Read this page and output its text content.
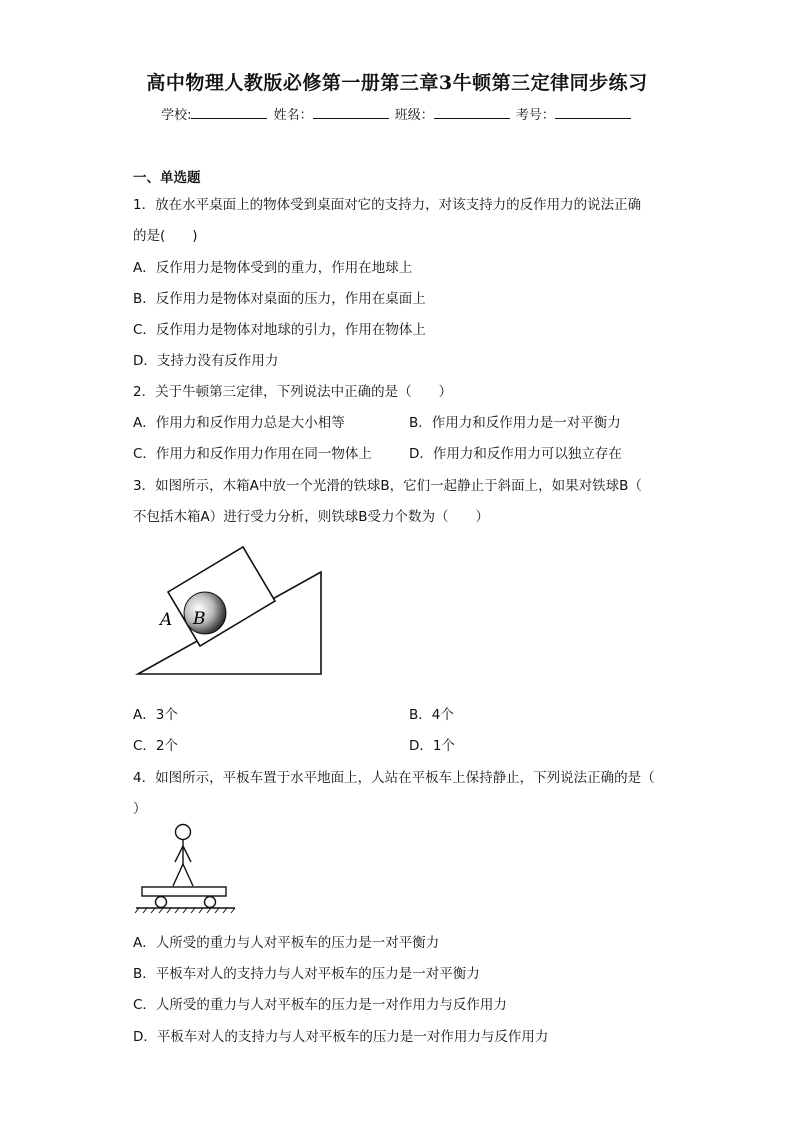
高中物理人教版必修第一册第三章3牛顿第三定律同步练习
学校:	姓名：	班级：	考号：
一、单选题
1．放在水平桌面上的物体受到桌面对它的支持力，对该支持力的反作用力的说法正确
的是(　　)
A．反作用力是物体受到的重力，作用在地球上
B．反作用力是物体对桌面的压力，作用在桌面上
C．反作用力是物体对地球的引力，作用在物体上
D．支持力没有反作用力
2．关于牛顿第三定律，下列说法中正确的是（　　）
A．作用力和反作用力总是大小相等	B．作用力和反作用力是一对平衡力
C．作用力和反作用力作用在同一物体上	D．作用力和反作用力可以独立存在
3．如图所示，木箱A中放一个光滑的铁球B，它们一起静止于斜面上，如果对铁球B（
不包括木箱A）进行受力分析，则铁球B受力个数为（　　）
A B
A．3个	B．4个
C．2个	D．1个
4．如图所示，平板车置于水平地面上，人站在平板车上保持静止，下列说法正确的是（
）
A．人所受的重力与人对平板车的压力是一对平衡力
B．平板车对人的支持力与人对平板车的压力是一对平衡力
C．人所受的重力与人对平板车的压力是一对作用力与反作用力
D．平板车对人的支持力与人对平板车的压力是一对作用力与反作用力
